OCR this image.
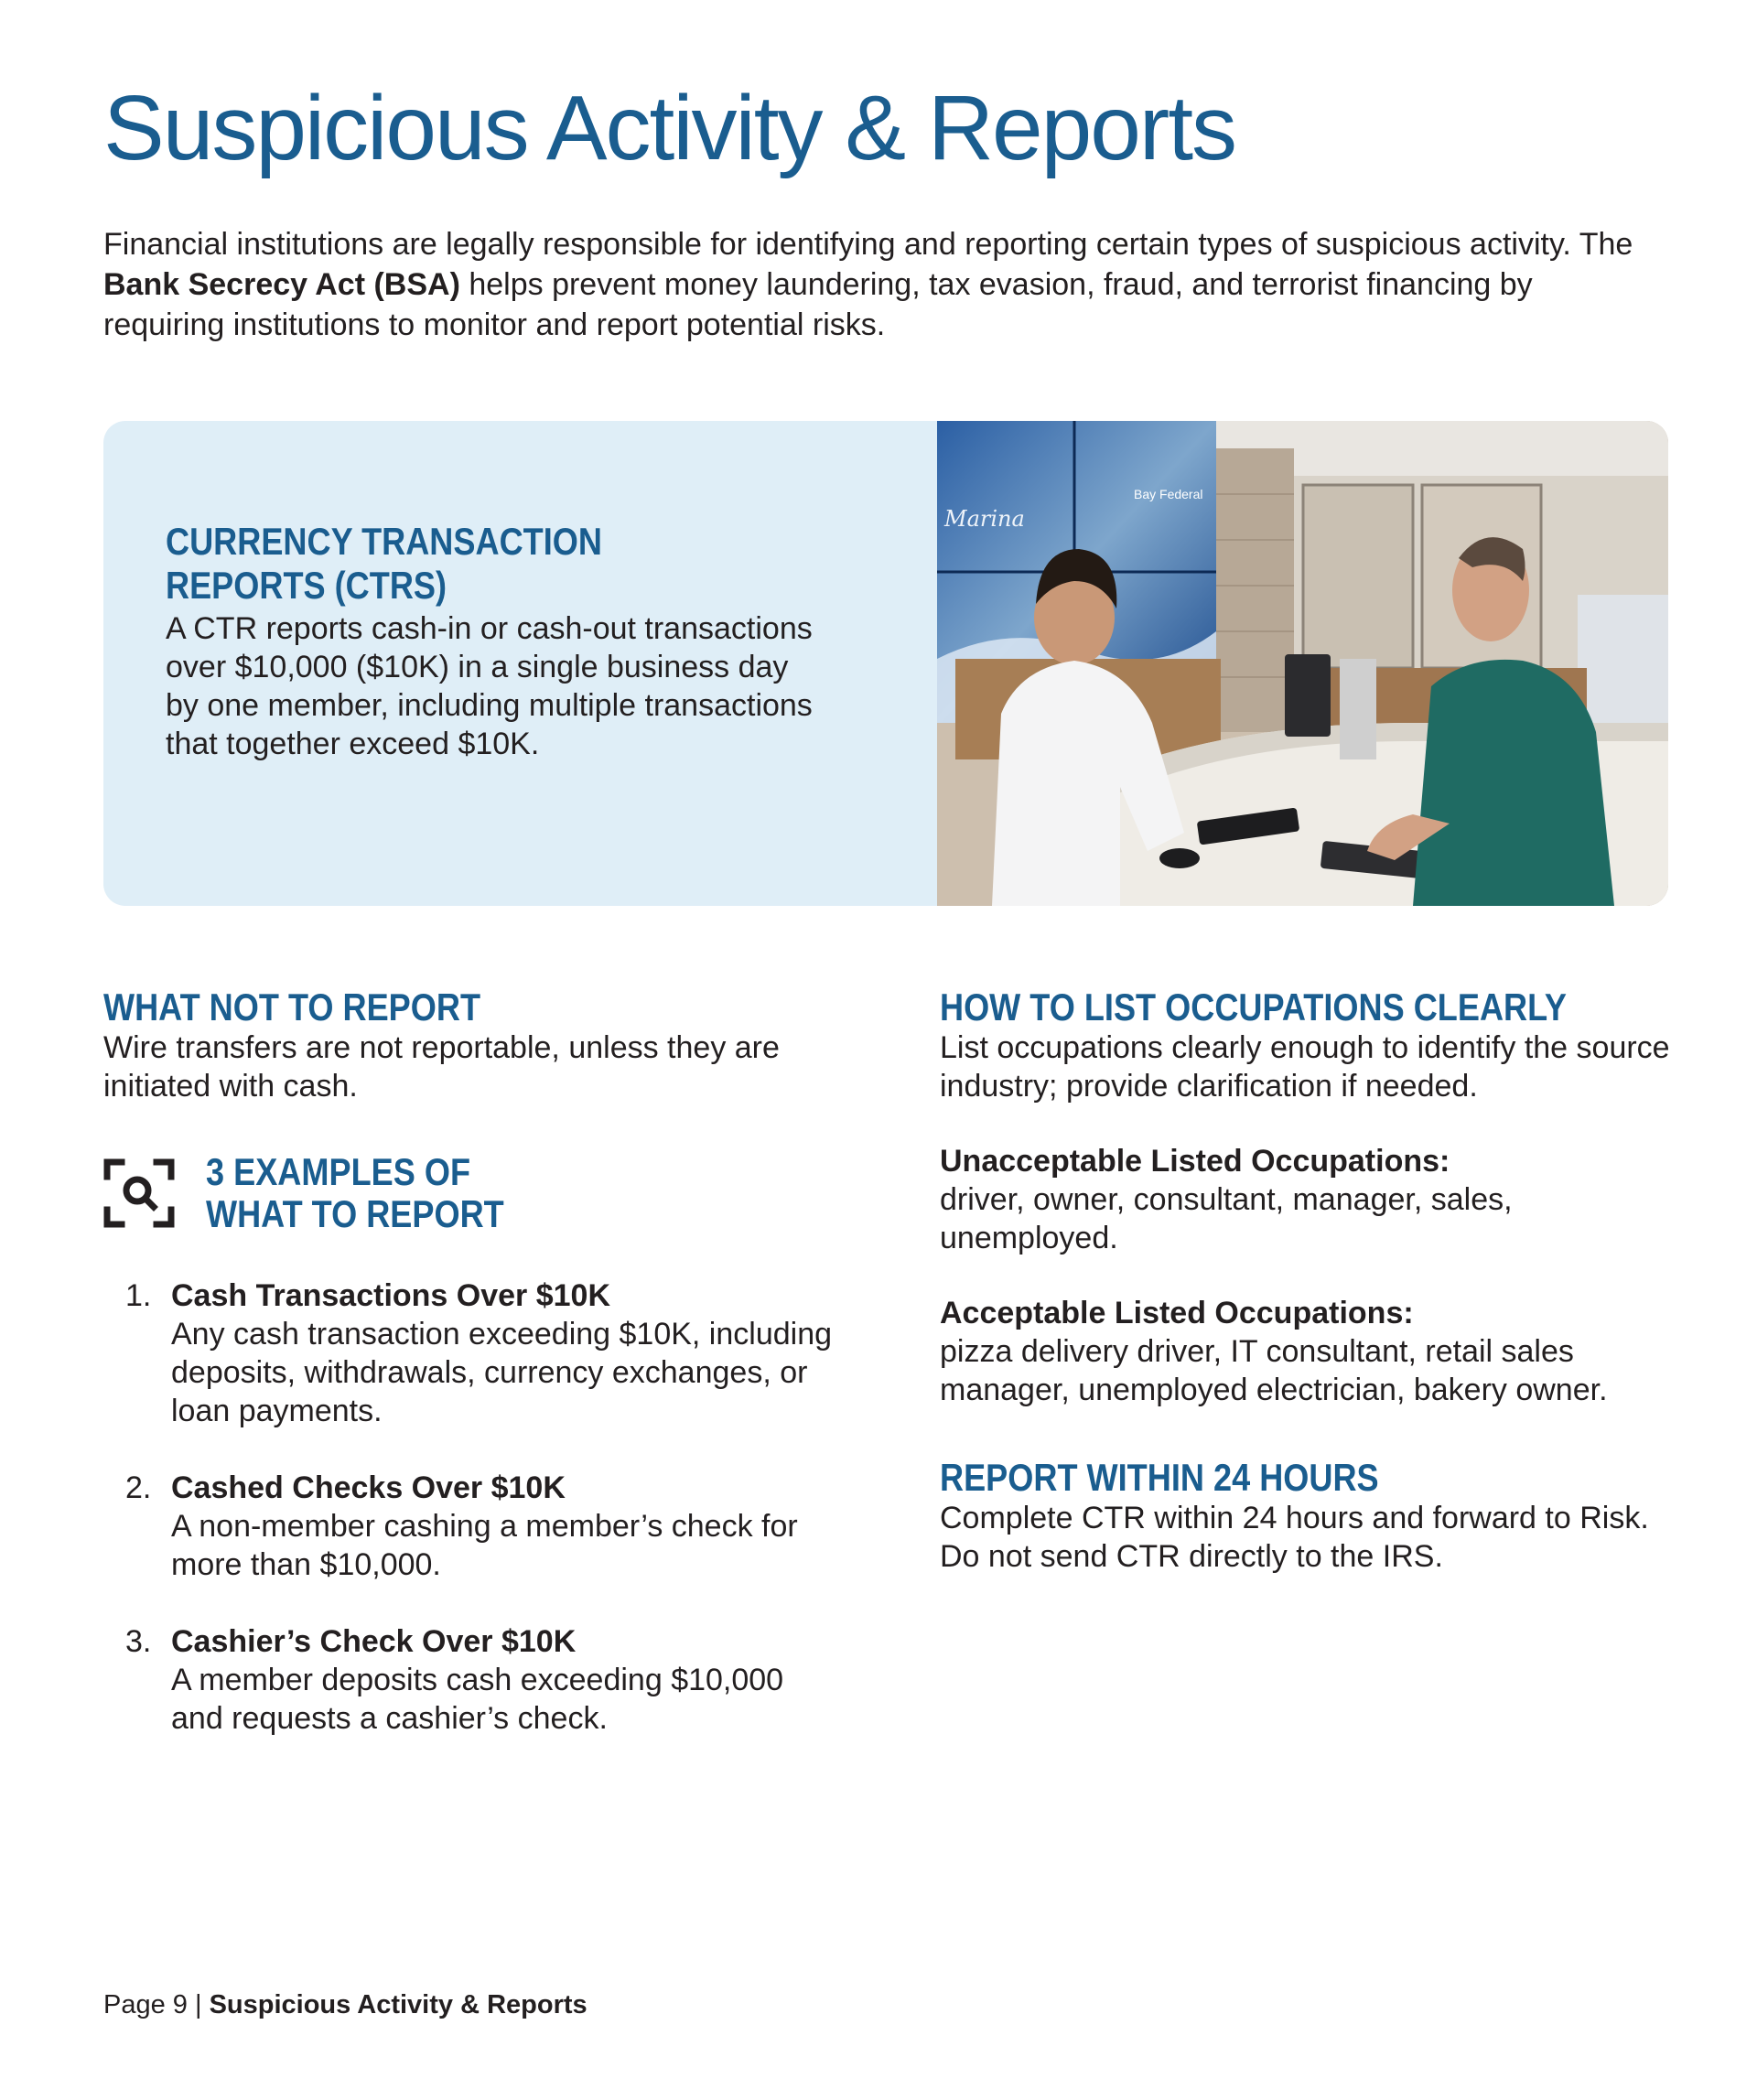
Suspicious Activity & Reports

Financial institutions are legally responsible for identifying and reporting certain types of suspicious activity. The Bank Secrecy Act (BSA) helps prevent money laundering, tax evasion, fraud, and terrorist financing by requiring institutions to monitor and report potential risks.

CURRENCY TRANSACTION REPORTS (CTRS)

A CTR reports cash-in or cash-out transactions over $10,000 ($10K) in a single business day by one member, including multiple transactions that together exceed $10K.

Marina
Bay Federal
WHAT NOT TO REPORT

Wire transfers are not reportable, unless they are initiated with cash.

3 EXAMPLES OF WHAT TO REPORT
1. Cash Transactions Over $10K

Any cash transaction exceeding $10K, including deposits, withdrawals, currency exchanges, or loan payments.

2. Cashed Checks Over $10K

A non-member cashing a member’s check for more than $10,000.

3. Cashier’s Check Over $10K

A member deposits cash exceeding $10,000 and requests a cashier’s check.

HOW TO LIST OCCUPATIONS CLEARLY

List occupations clearly enough to identify the source industry; provide clarification if needed.

Unacceptable Listed Occupations:

driver, owner, consultant, manager, sales, unemployed.

Acceptable Listed Occupations:

pizza delivery driver, IT consultant, retail sales manager, unemployed electrician, bakery owner.

REPORT WITHIN 24 HOURS

Complete CTR within 24 hours and forward to Risk. Do not send CTR directly to the IRS.

Page 9 | Suspicious Activity & Reports
